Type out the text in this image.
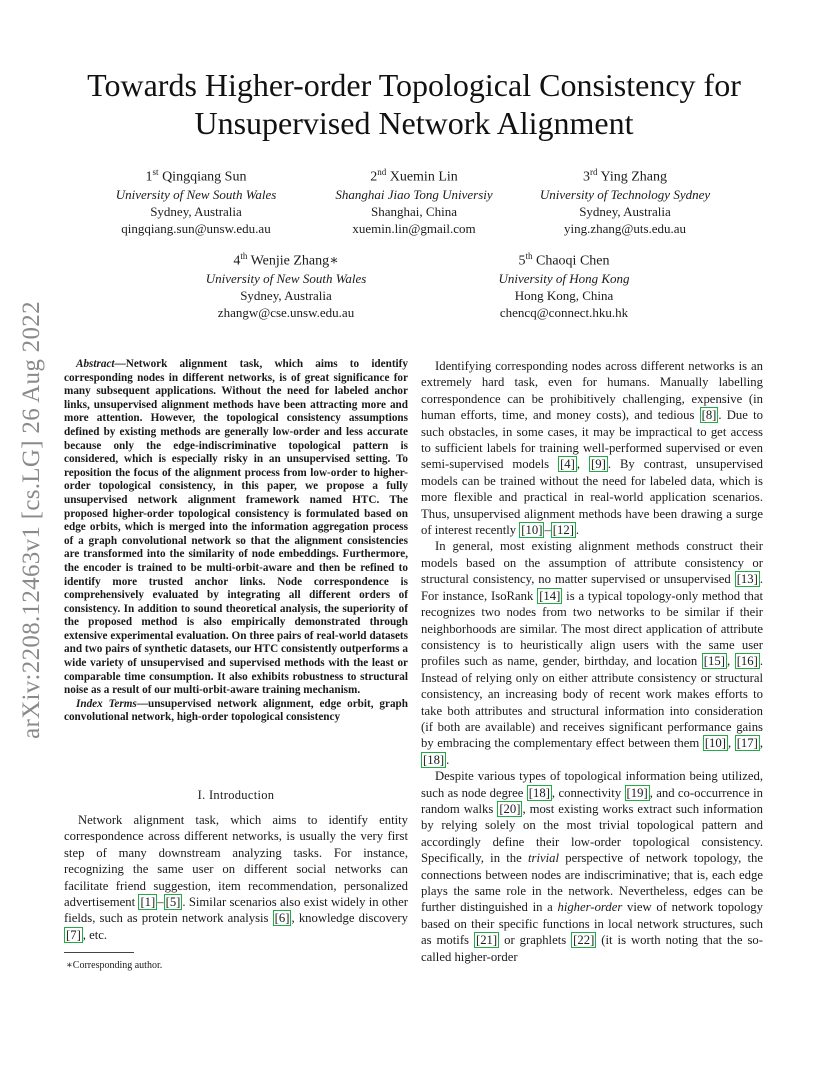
arXiv:2208.12463v1 [cs.LG] 26 Aug 2022
Towards Higher-order Topological Consistency for Unsupervised Network Alignment
1st Qingqiang Sun
University of New South Wales
Sydney, Australia
qingqiang.sun@unsw.edu.au
2nd Xuemin Lin
Shanghai Jiao Tong Universiy
Shanghai, China
xuemin.lin@gmail.com
3rd Ying Zhang
University of Technology Sydney
Sydney, Australia
ying.zhang@uts.edu.au
4th Wenjie Zhang∗
University of New South Wales
Sydney, Australia
zhangw@cse.unsw.edu.au
5th Chaoqi Chen
University of Hong Kong
Hong Kong, China
chencq@connect.hku.hk

Abstract—Network alignment task, which aims to identify corresponding nodes in different networks, is of great significance for many subsequent applications. Without the need for labeled anchor links, unsupervised alignment methods have been attracting more and more attention. However, the topological consistency assumptions defined by existing methods are generally low-order and less accurate because only the edge-indiscriminative topological pattern is considered, which is especially risky in an unsupervised setting. To reposition the focus of the alignment process from low-order to higher-order topological consistency, in this paper, we propose a fully unsupervised network alignment framework named HTC. The proposed higher-order topological consistency is formulated based on edge orbits, which is merged into the information aggregation process of a graph convolutional network so that the alignment consistencies are transformed into the similarity of node embeddings. Furthermore, the encoder is trained to be multi-orbit-aware and then be refined to identify more trusted anchor links. Node correspondence is comprehensively evaluated by integrating all different orders of consistency. In addition to sound theoretical analysis, the superiority of the proposed method is also empirically demonstrated through extensive experimental evaluation. On three pairs of real-world datasets and two pairs of synthetic datasets, our HTC consistently outperforms a wide variety of unsupervised and supervised methods with the least or comparable time consumption. It also exhibits robustness to structural noise as a result of our multi-orbit-aware training mechanism.

Index Terms—unsupervised network alignment, edge orbit, graph convolutional network, high-order topological consistency

I. Introduction

Network alignment task, which aims to identify entity correspondence across different networks, is usually the very first step of many downstream analyzing tasks. For instance, recognizing the same user on different social networks can facilitate friend suggestion, item recommendation, personalized advertisement [1] – [5] . Similar scenarios also exist widely in other fields, such as protein network analysis [6] , knowledge discovery [7] , etc.

∗Corresponding author.

Identifying corresponding nodes across different networks is an extremely hard task, even for humans. Manually labelling correspondence can be prohibitively challenging, expensive (in human efforts, time, and money costs), and tedious [8] . Due to such obstacles, in some cases, it may be impractical to get access to sufficient labels for training well-performed supervised or even semi-supervised models [4] , [9] . By contrast, unsupervised models can be trained without the need for labeled data, which is more flexible and practical in real-world application scenarios. Thus, unsupervised alignment methods have been drawing a surge of interest recently [10] – [12] .

In general, most existing alignment methods construct their models based on the assumption of attribute consistency or structural consistency, no matter supervised or unsupervised [13] . For instance, IsoRank [14] is a typical topology-only method that recognizes two nodes from two networks to be similar if their neighborhoods are similar. The most direct application of attribute consistency is to heuristically align users with the same user profiles such as name, gender, birthday, and location [15] , [16] . Instead of relying only on either attribute consistency or structural consistency, an increasing body of recent work makes efforts to take both attributes and structural information into consideration (if both are available) and receives significant performance gains by embracing the complementary effect between them [10] , [17] , [18] .

Despite various types of topological information being utilized, such as node degree [18] , connectivity [19] , and co-occurrence in random walks [20] , most existing works extract such information by relying solely on the most trivial topological pattern and accordingly define their low-order topological consistency. Specifically, in the trivial perspective of network topology, the connections between nodes are indiscriminative; that is, each edge plays the same role in the network. Nevertheless, edges can be further distinguished in a higher-order view of network topology based on their specific functions in local network structures, such as motifs [21] or graphlets [22] (it is worth noting that the so-called higher-order
